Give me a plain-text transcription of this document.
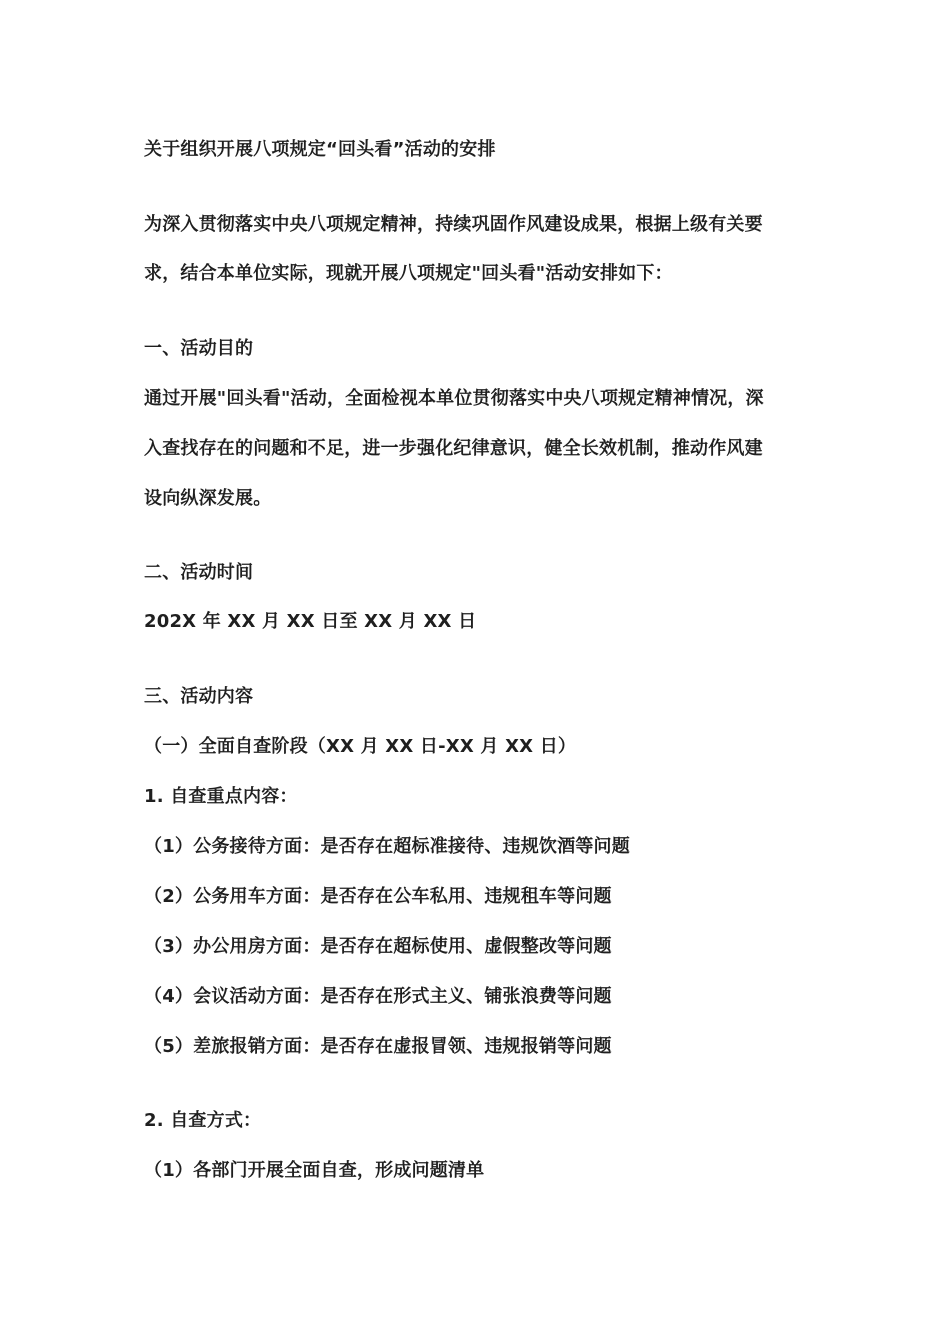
关于组织开展八项规定“回头看”活动的安排
为深入贯彻落实中央八项规定精神，持续巩固作风建设成果，根据上级有关要
求，结合本单位实际，现就开展八项规定"回头看"活动安排如下：
一、活动目的
通过开展"回头看"活动，全面检视本单位贯彻落实中央八项规定精神情况，深
入查找存在的问题和不足，进一步强化纪律意识，健全长效机制，推动作风建
设向纵深发展。
二、活动时间
202X 年 XX 月 XX 日至 XX 月 XX 日
三、活动内容
（一）全面自查阶段（XX 月 XX 日-XX 月 XX 日）
1. 自查重点内容：
（1）公务接待方面：是否存在超标准接待、违规饮酒等问题
（2）公务用车方面：是否存在公车私用、违规租车等问题
（3）办公用房方面：是否存在超标使用、虚假整改等问题
（4）会议活动方面：是否存在形式主义、铺张浪费等问题
（5）差旅报销方面：是否存在虚报冒领、违规报销等问题
2. 自查方式：
（1）各部门开展全面自查，形成问题清单
